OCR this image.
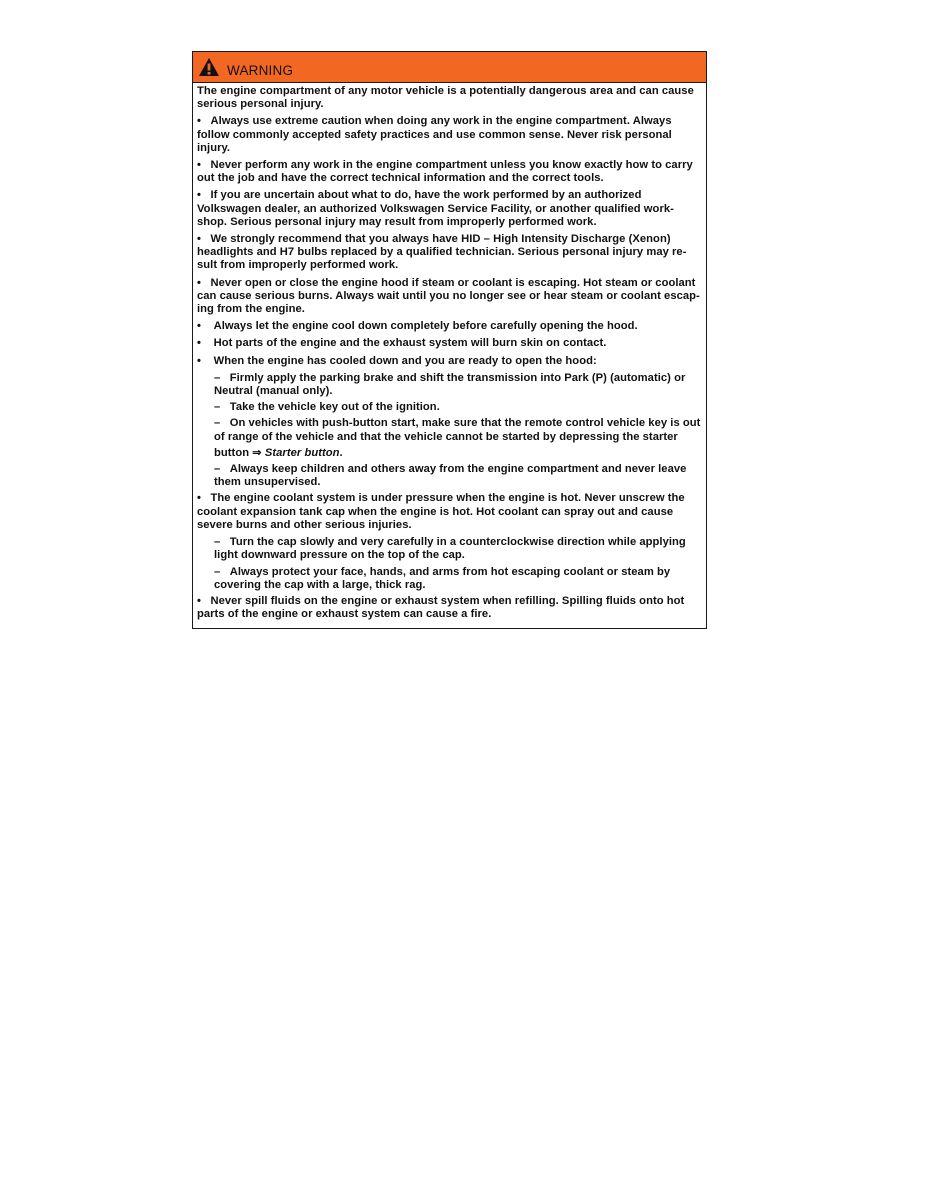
WARNING

The engine compartment of any motor vehicle is a potentially dangerous area and can cause serious personal injury.

• Always use extreme caution when doing any work in the engine compartment. Always follow commonly accepted safety practices and use common sense. Never risk personal injury.

• Never perform any work in the engine compartment unless you know exactly how to carry out the job and have the correct technical information and the correct tools.

• If you are uncertain about what to do, have the work performed by an authorized Volkswagen dealer, an authorized Volkswagen Service Facility, or another qualified work-shop. Serious personal injury may result from improperly performed work.

• We strongly recommend that you always have HID – High Intensity Discharge (Xenon) headlights and H7 bulbs replaced by a qualified technician. Serious personal injury may re-sult from improperly performed work.

• Never open or close the engine hood if steam or coolant is escaping. Hot steam or coolant can cause serious burns. Always wait until you no longer see or hear steam or coolant escap-ing from the engine.

• Always let the engine cool down completely before carefully opening the hood.

• Hot parts of the engine and the exhaust system will burn skin on contact.

• When the engine has cooled down and you are ready to open the hood:

– Firmly apply the parking brake and shift the transmission into Park (P) (automatic) or Neutral (manual only).

– Take the vehicle key out of the ignition.

– On vehicles with push-button start, make sure that the remote control vehicle key is out of range of the vehicle and that the vehicle cannot be started by depressing the starter

button ⇒ Starter button.

– Always keep children and others away from the engine compartment and never leave them unsupervised.

• The engine coolant system is under pressure when the engine is hot. Never unscrew the coolant expansion tank cap when the engine is hot. Hot coolant can spray out and cause severe burns and other serious injuries.

– Turn the cap slowly and very carefully in a counterclockwise direction while applying light downward pressure on the top of the cap.

– Always protect your face, hands, and arms from hot escaping coolant or steam by covering the cap with a large, thick rag.

• Never spill fluids on the engine or exhaust system when refilling. Spilling fluids onto hot parts of the engine or exhaust system can cause a fire.
